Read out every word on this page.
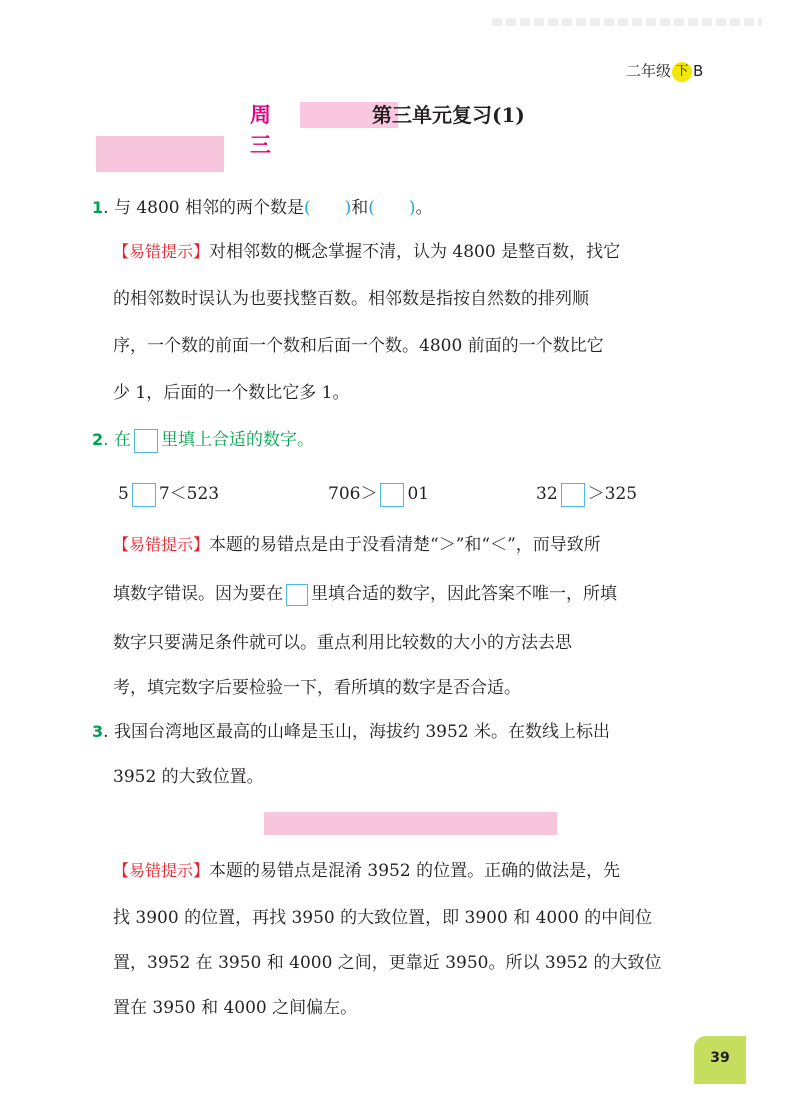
二年级 下 B
周三
第三单元复习(1)
1. 与 4800 相邻的两个数是(　　)和(　　)。
【易错提示】对相邻数的概念掌握不清，认为 4800 是整百数，找它
的相邻数时误认为也要找整百数。相邻数是指按自然数的排列顺
序，一个数的前面一个数和后面一个数。4800 前面的一个数比它
少 1，后面的一个数比它多 1。
2. 在 里填上合适的数字。
5 7＜523	706＞ 01	32 ＞325
【易错提示】本题的易错点是由于没看清楚“＞”和“＜”，而导致所
填数字错误。因为要在 里填合适的数字，因此答案不唯一，所填
数字只要满足条件就可以。重点利用比较数的大小的方法去思
考，填完数字后要检验一下，看所填的数字是否合适。
3. 我国台湾地区最高的山峰是玉山，海拔约 3952 米。在数线上标出
3952 的大致位置。
【易错提示】本题的易错点是混淆 3952 的位置。正确的做法是，先
找 3900 的位置，再找 3950 的大致位置，即 3900 和 4000 的中间位
置，3952 在 3950 和 4000 之间，更靠近 3950。所以 3952 的大致位
置在 3950 和 4000 之间偏左。
39
